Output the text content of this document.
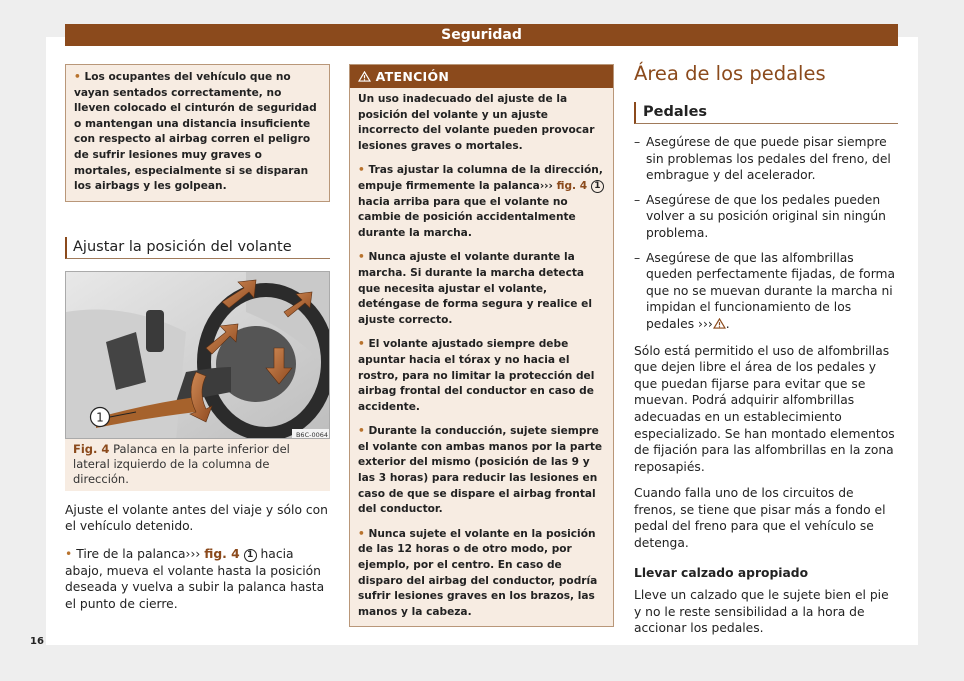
Seguridad
• Los ocupantes del vehículo que no vayan sentados correctamente, no lleven colocado el cinturón de seguridad o mantengan una distancia insuficiente con respecto al airbag corren el peligro de sufrir lesiones muy graves o mortales, especialmente si se disparan los airbags y les golpean.
Ajustar la posición del volante
1
B6C-0064
Fig. 4 Palanca en la parte inferior del lateral izquierdo de la columna de dirección.

Ajuste el volante antes del viaje y sólo con el vehículo detenido.

• Tire de la palanca››› fig. 4 1 hacia abajo, mueva el volante hasta la posición deseada y vuelva a subir la palanca hasta el punto de cierre.

ATENCIÓN

Un uso inadecuado del ajuste de la posición del volante y un ajuste incorrecto del volante pueden provocar lesiones graves o mortales.

• Tras ajustar la columna de la dirección, empuje firmemente la palanca››› fig. 4 1 hacia arriba para que el volante no cambie de posición accidentalmente durante la marcha.

• Nunca ajuste el volante durante la marcha. Si durante la marcha detecta que necesita ajustar el volante, deténgase de forma segura y realice el ajuste correcto.

• El volante ajustado siempre debe apuntar hacia el tórax y no hacia el rostro, para no limitar la protección del airbag frontal del conductor en caso de accidente.

• Durante la conducción, sujete siempre el volante con ambas manos por la parte exterior del mismo (posición de las 9 y las 3 horas) para reducir las lesiones en caso de que se dispare el airbag frontal del conductor.

• Nunca sujete el volante en la posición de las 12 horas o de otro modo, por ejemplo, por el centro. En caso de disparo del airbag del conductor, podría sufrir lesiones graves en los brazos, las manos y la cabeza.

Área de los pedales
Pedales
– Asegúrese de que puede pisar siempre sin problemas los pedales del freno, del embrague y del acelerador.
– Asegúrese de que los pedales pueden volver a su posición original sin ningún problema.
– Asegúrese de que las alfombrillas queden perfectamente fijadas, de forma que no se muevan durante la marcha ni impidan el funcionamiento de los pedales ››› .

Sólo está permitido el uso de alfombrillas que dejen libre el área de los pedales y que puedan fijarse para evitar que se muevan. Podrá adquirir alfombrillas adecuadas en un establecimiento especializado. Se han montado elementos de fijación para las alfombrillas en la zona reposapiés.

Cuando falla uno de los circuitos de frenos, se tiene que pisar más a fondo el pedal del freno para que el vehículo se detenga.

Llevar calzado apropiado

Lleve un calzado que le sujete bien el pie y no le reste sensibilidad a la hora de accionar los pedales.

16
